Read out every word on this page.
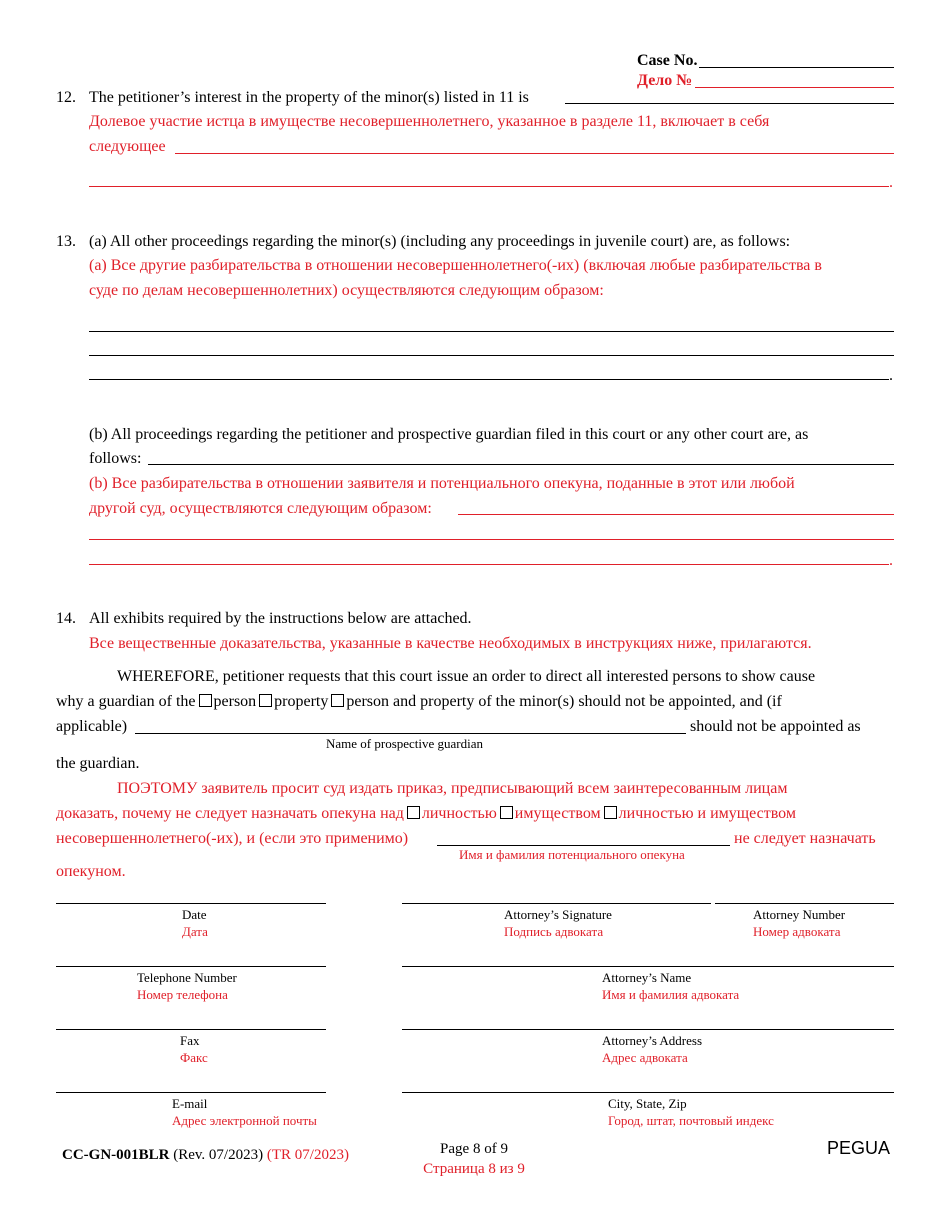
Case No.
Дело №
12. The petitioner’s interest in the property of the minor(s) listed in 11 is
Долевое участие истца в имуществе несовершеннолетнего, указанное в разделе 11, включает в себя
следующее
.
13. (a) All other proceedings regarding the minor(s) (including any proceedings in juvenile court) are, as follows:
(a) Все другие разбирательства в отношении несовершеннолетнего(-их) (включая любые разбирательства в
суде по делам несовершеннолетних) осуществляются следующим образом:
.
(b) All proceedings regarding the petitioner and prospective guardian filed in this court or any other court are, as
follows:
(b) Все разбирательства в отношении заявителя и потенциального опекуна, поданные в этот или любой
другой суд, осуществляются следующим образом:
.
14. All exhibits required by the instructions below are attached.
Все вещественные доказательства, указанные в качестве необходимых в инструкциях ниже, прилагаются.
WHEREFORE, petitioner requests that this court issue an order to direct all interested persons to show cause
why a guardian of the person property person and property of the minor(s) should not be appointed, and (if
applicable)	should not be appointed as
Name of prospective guardian
the guardian.
ПОЭТОМУ заявитель просит суд издать приказ, предписывающий всем заинтересованным лицам
доказать, почему не следует назначать опекуна над личностью имуществом личностью и имуществом
несовершеннолетнего(-их), и (если это применимо)	не следует назначать
Имя и фамилия потенциального опекуна
опекуном.
Date
Дата
Attorney’s Signature
Подпись адвоката
Attorney Number
Номер адвоката
Telephone Number
Номер телефона
Attorney’s Name
Имя и фамилия адвоката
Fax
Факс
Attorney’s Address
Адрес адвоката
E-mail
Адрес электронной почты
City, State, Zip
Город, штат, почтовый индекс
CC-GN-001BLR (Rev. 07/2023) (TR 07/2023)	Page 8 of 9
Страница 8 из 9
PEGUA
